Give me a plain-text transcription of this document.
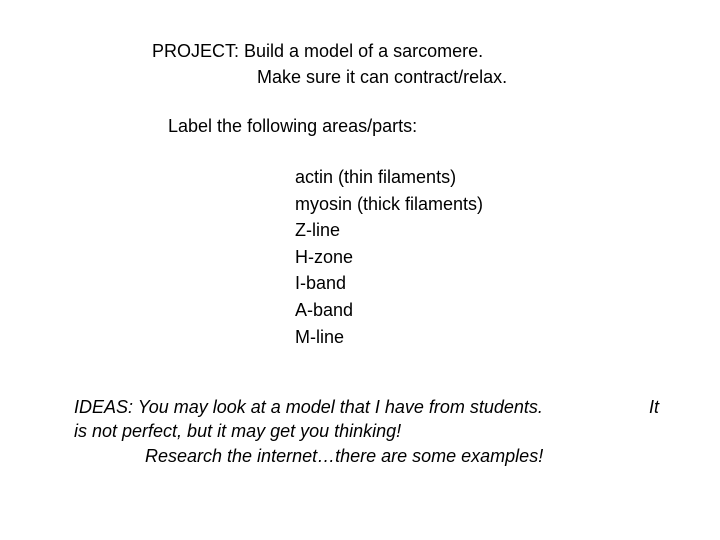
PROJECT: Build a model of a sarcomere.
Make sure it can contract/relax.
Label the following areas/parts:
actin (thin filaments)
myosin (thick filaments)
Z-line
H-zone
I-band
A-band
M-line
IDEAS: You may look at a model that I have from students.	It
is not perfect, but it may get you thinking!
Research the internet…there are some examples!
